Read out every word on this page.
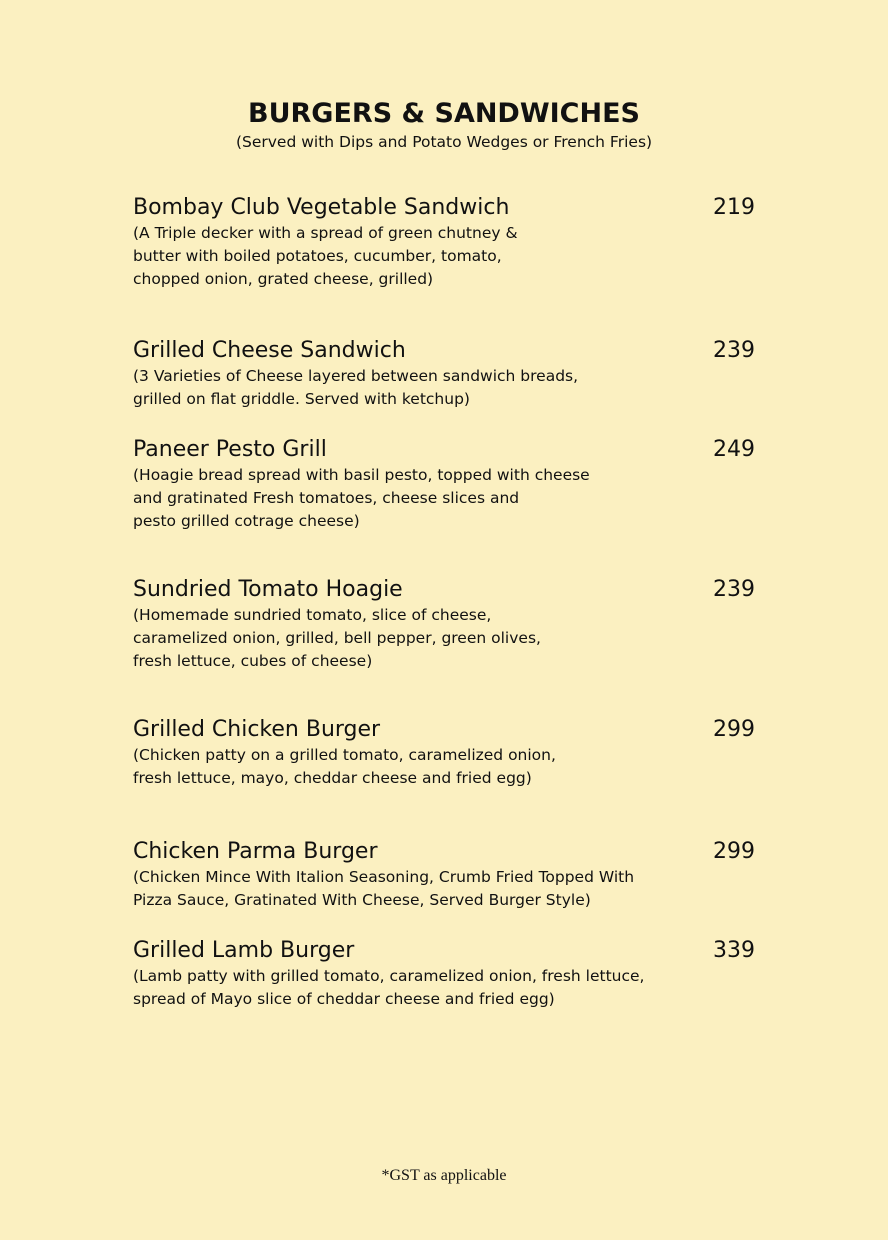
BURGERS & SANDWICHES
(Served with Dips and Potato Wedges or French Fries)
Bombay Club Vegetable Sandwich	219
(A Triple decker with a spread of green chutney &
butter with boiled potatoes, cucumber, tomato,
chopped onion, grated cheese, grilled)
Grilled Cheese Sandwich	239
(3 Varieties of Cheese layered between sandwich breads,
grilled on flat griddle. Served with ketchup)
Paneer Pesto Grill	249
(Hoagie bread spread with basil pesto, topped with cheese
and gratinated Fresh tomatoes, cheese slices and
pesto grilled cotrage cheese)
Sundried Tomato Hoagie	239
(Homemade sundried tomato, slice of cheese,
caramelized onion, grilled, bell pepper, green olives,
fresh lettuce, cubes of cheese)
Grilled Chicken Burger	299
(Chicken patty on a grilled tomato, caramelized onion,
fresh lettuce, mayo, cheddar cheese and fried egg)
Chicken Parma Burger	299
(Chicken Mince With Italion Seasoning, Crumb Fried Topped With
Pizza Sauce, Gratinated With Cheese, Served Burger Style)
Grilled Lamb Burger	339
(Lamb patty with grilled tomato, caramelized onion, fresh lettuce,
spread of Mayo slice of cheddar cheese and fried egg)
*GST as applicable
